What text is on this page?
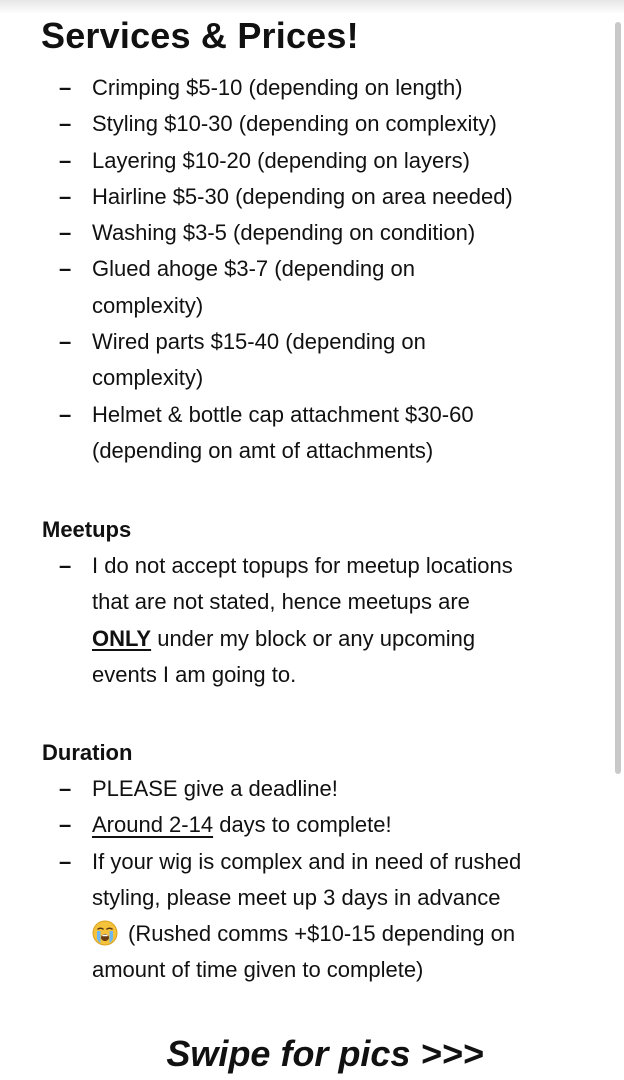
Services & Prices!
– Crimping $5-10 (depending on length)
– Styling $10-30 (depending on complexity)
– Layering $10-20 (depending on layers)
– Hairline $5-30 (depending on area needed)
– Washing $3-5 (depending on condition)
– Glued ahoge $3-7 (depending on
complexity)
– Wired parts $15-40 (depending on
complexity)
– Helmet & bottle cap attachment $30-60
(depending on amt of attachments)
Meetups
– I do not accept topups for meetup locations
that are not stated, hence meetups are
ONLY under my block or any upcoming
events I am going to.
Duration
– PLEASE give a deadline!
– Around 2-14 days to complete!
– If your wig is complex and in need of rushed
styling, please meet up 3 days in advance
(Rushed comms +$10-15 depending on
amount of time given to complete)

Swipe for pics >>>
